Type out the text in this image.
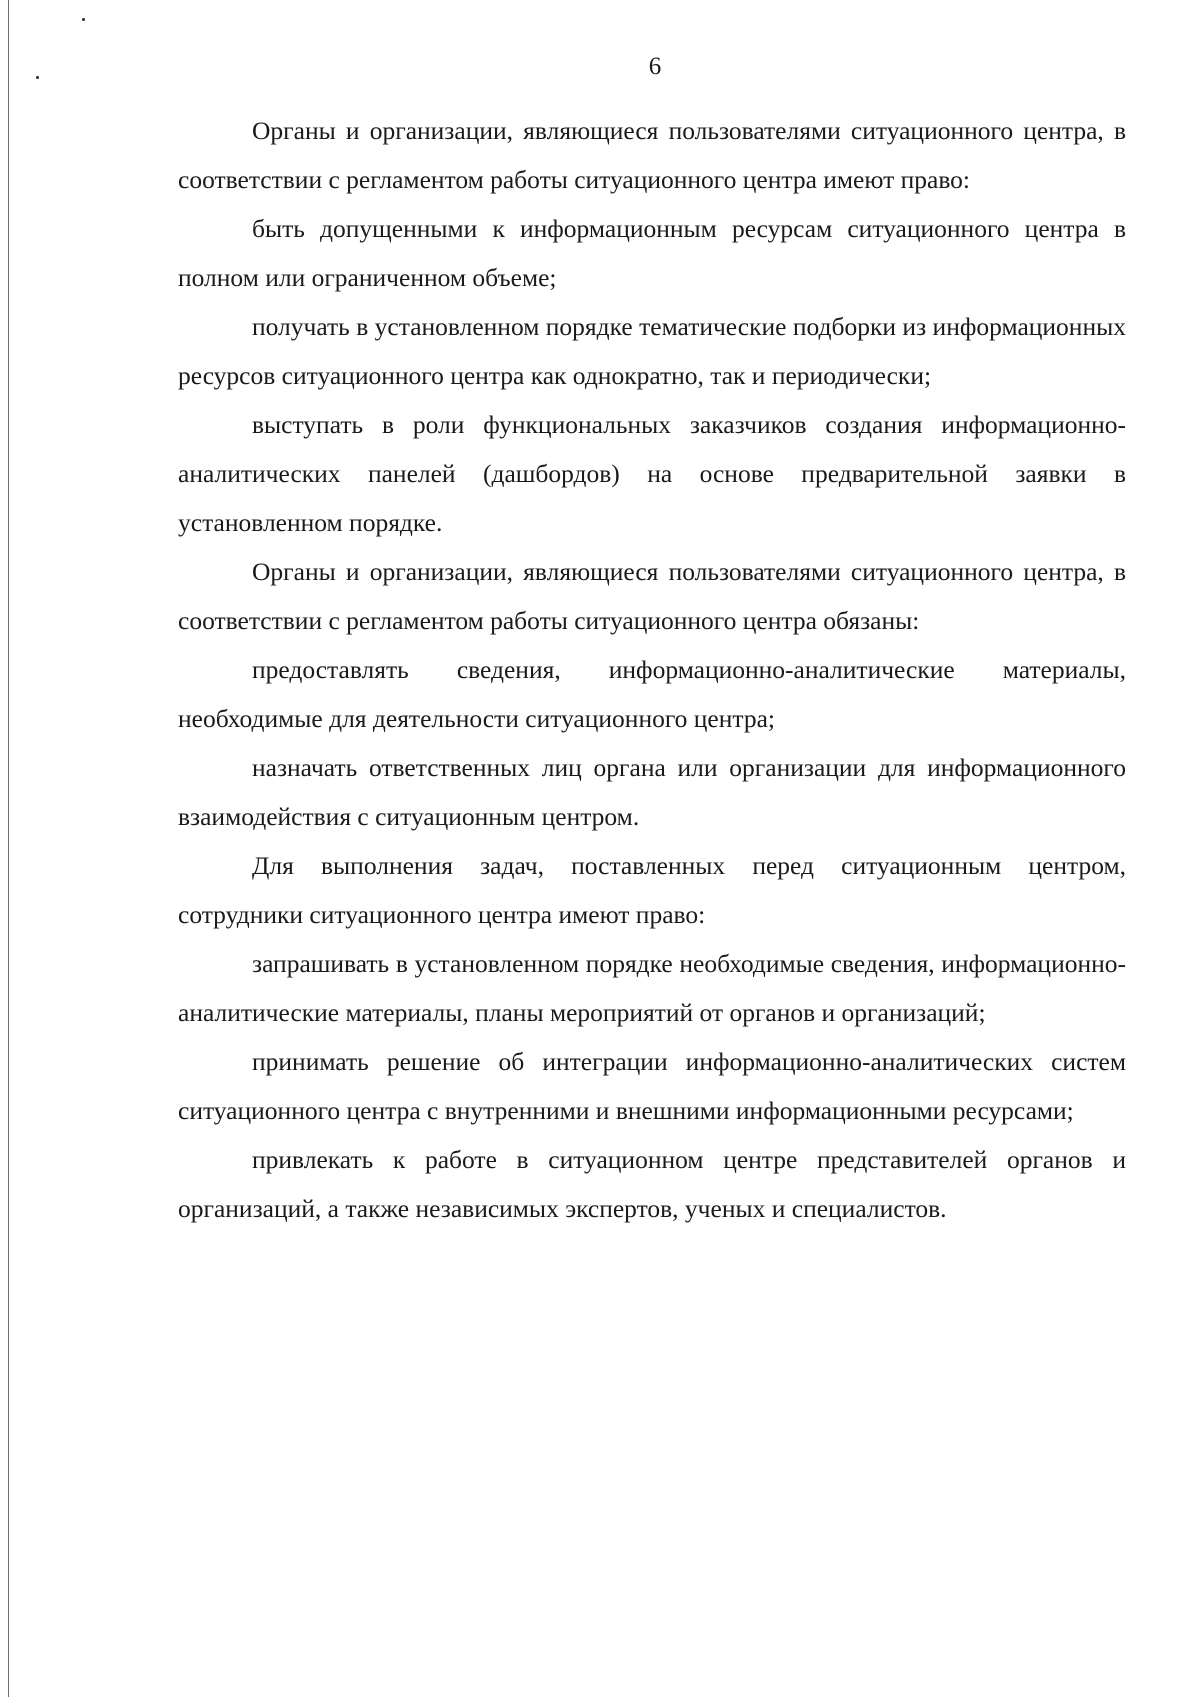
6

Органы и организации, являющиеся пользователями ситуационного центра, в соответствии с регламентом работы ситуационного центра имеют право:

быть допущенными к информационным ресурсам ситуационного центра в полном или ограниченном объеме;

получать в установленном порядке тематические подборки из информационных ресурсов ситуационного центра как однократно, так и периодически;

выступать в роли функциональных заказчиков создания информационно-аналитических панелей (дашбордов) на основе предварительной заявки в установленном порядке.

Органы и организации, являющиеся пользователями ситуационного центра, в соответствии с регламентом работы ситуационного центра обязаны:

предоставлять сведения, информационно-аналитические материалы, необходимые для деятельности ситуационного центра;

назначать ответственных лиц органа или организации для информационного взаимодействия с ситуационным центром.

Для выполнения задач, поставленных перед ситуационным центром, сотрудники ситуационного центра имеют право:

запрашивать в установленном порядке необходимые сведения, информационно-аналитические материалы, планы мероприятий от органов и организаций;

принимать решение об интеграции информационно-аналитических систем ситуационного центра с внутренними и внешними информационными ресурсами;

привлекать к работе в ситуационном центре представителей органов и организаций, а также независимых экспертов, ученых и специалистов.
